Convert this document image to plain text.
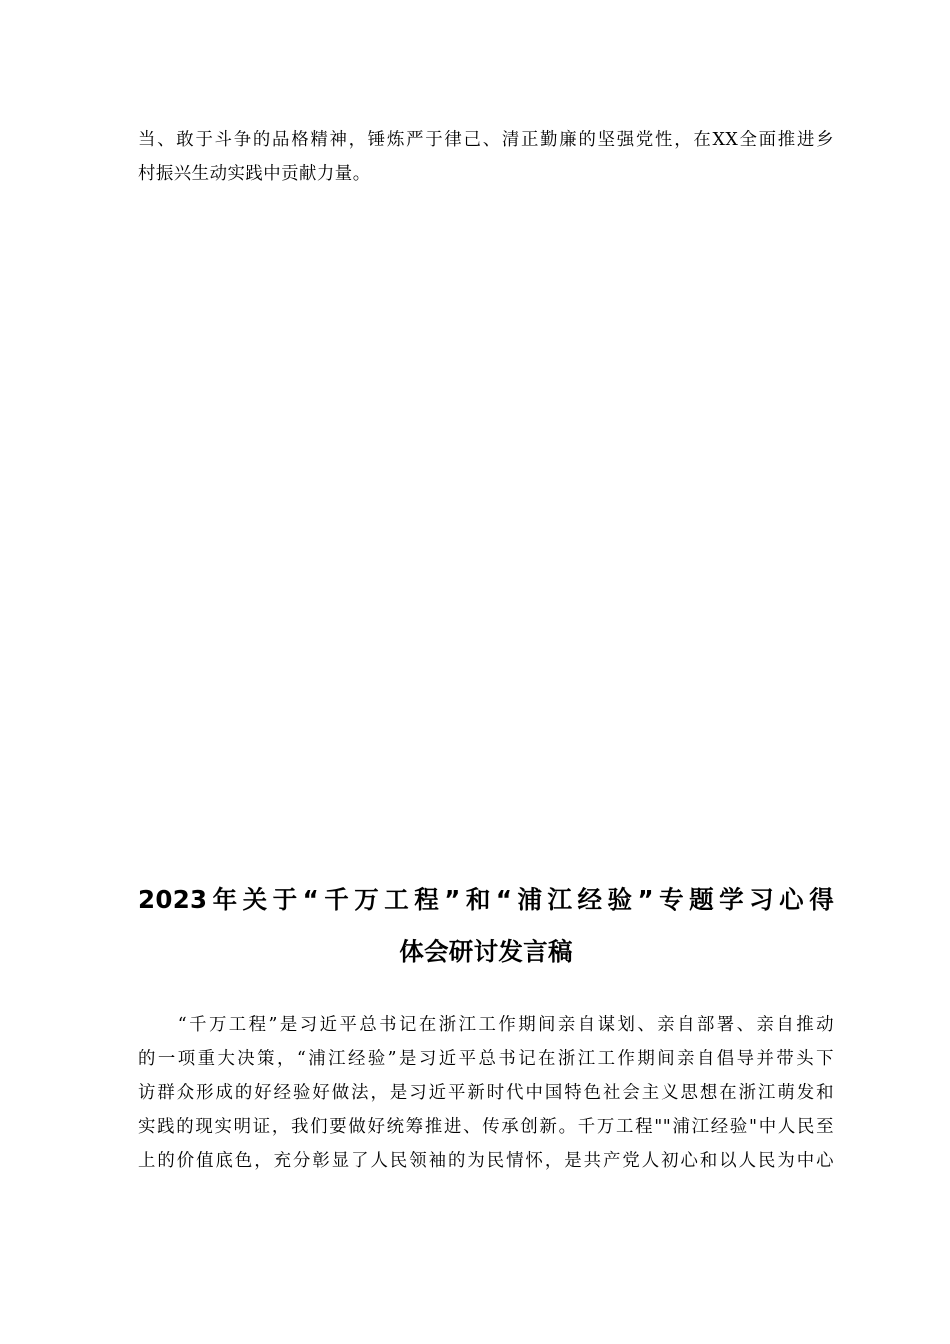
当、敢于斗争的品格精神，锤炼严于律己、清正勤廉的坚强党性，在XX全面推进乡
村振兴生动实践中贡献力量。
2023年关于“千万工程”和“浦江经验”专题学习心得
体会研讨发言稿
　　“千万工程”是习近平总书记在浙江工作期间亲自谋划、亲自部署、亲自推动
的一项重大决策，“浦江经验”是习近平总书记在浙江工作期间亲自倡导并带头下
访群众形成的好经验好做法，是习近平新时代中国特色社会主义思想在浙江萌发和
实践的现实明证，我们要做好统筹推进、传承创新。千万工程""浦江经验"中人民至
上的价值底色，充分彰显了人民领袖的为民情怀，是共产党人初心和以人民为中心
